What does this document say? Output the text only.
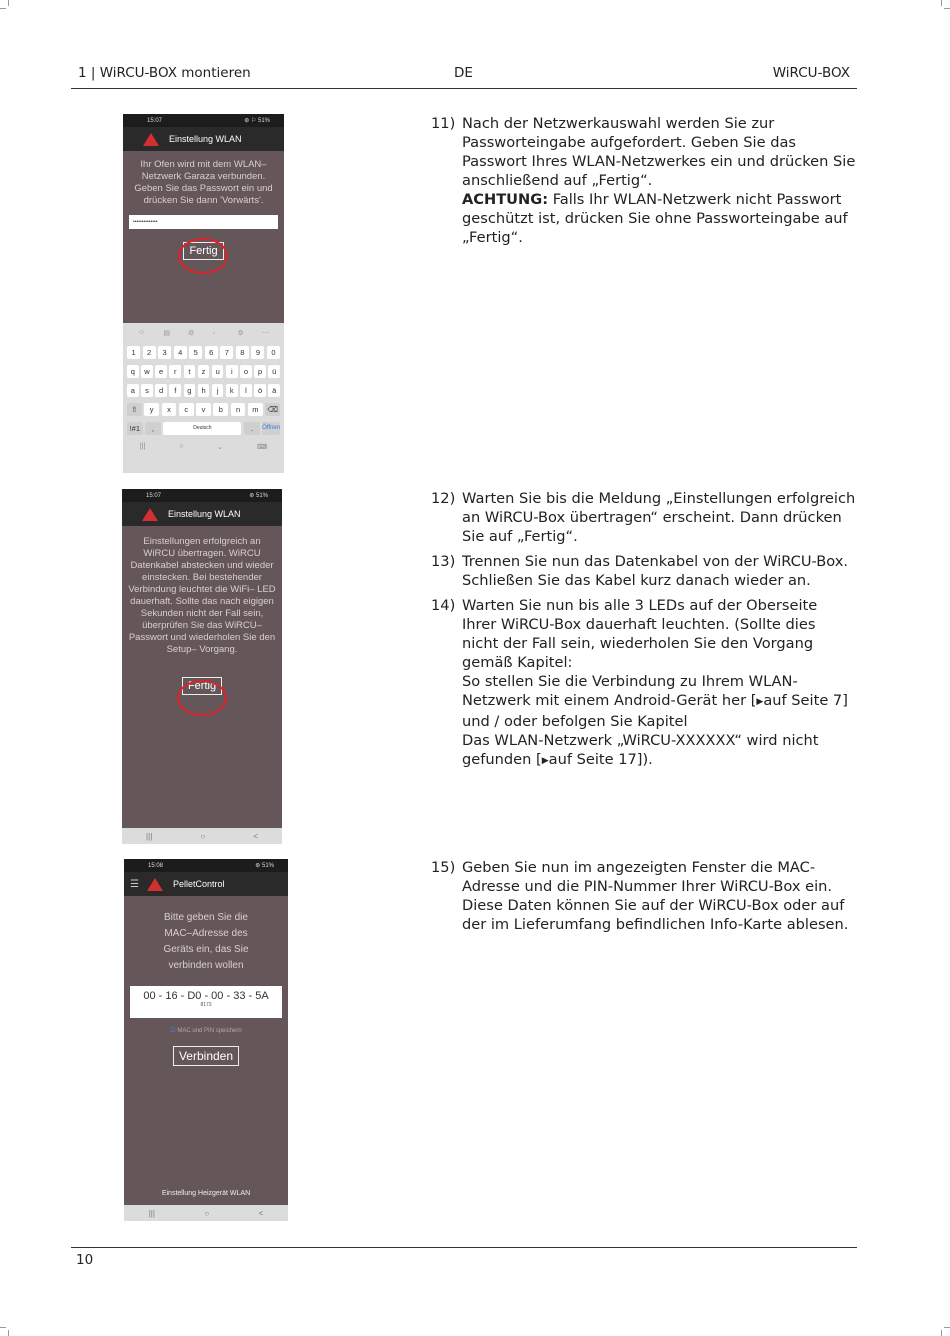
1 | WiRCU-BOX montieren	DE	WiRCU-BOX
15:07	⊛ ⚐ 51%
Einstellung WLAN
Ihr Ofen wird mit dem WLAN–Netzwerk Garaza verbunden. Geben Sie das Passwort ein und drücken Sie dann 'Vorwärts'.
••••••••••••••
Fertig
☺	▤	⚙	♩	⚙	⋯
1	2	3	4	5	6	7	8	9	0
q	w	e	r	t	z	u	i	o	p	ü
a	s	d	f	g	h	j	k	l	ö	ä
⇧	y	x	c	v	b	n	m	⌫
!#1	,	Deutsch	.	Öffnen
|||	○	⌄	⌨
15:07	⊛ 51%
Einstellung WLAN
Einstellungen erfolgreich an WiRCU übertragen. WiRCU Datenkabel abstecken und wieder einstecken. Bei bestehender Verbindung leuchtet die WiFi– LED dauerhaft. Sollte das nach eigigen Sekunden nicht der Fall sein, überprüfen Sie das WiRCU–Passwort und wiederholen Sie den Setup– Vorgang.
Fertig
|||	○	<
15:08	⊛ 51%
☰	PelletControl
Bitte geben Sie die MAC–Adresse des Geräts ein, das Sie verbinden wollen
00 - 16 - D0 - 00 - 33 - 5A
8173
☑ MAC und PIN speichern
Verbinden
Einstellung Heizgerät WLAN
|||	○	<
11) Nach der Netzwerkauswahl werden Sie zur Passworteingabe aufgefordert. Geben Sie das Passwort Ihres WLAN-Netzwerkes ein und drücken Sie anschließend auf „Fertig“.
ACHTUNG: Falls Ihr WLAN-Netzwerk nicht Passwort geschützt ist, drücken Sie ohne Passworteingabe auf „Fertig“.
12) Warten Sie bis die Meldung „Einstellungen erfolgreich an WiRCU-Box übertragen“ erscheint. Dann drücken Sie auf „Fertig“.
13) Trennen Sie nun das Datenkabel von der WiRCU-Box. Schließen Sie das Kabel kurz danach wieder an.
14) Warten Sie nun bis alle 3 LEDs auf der Oberseite Ihrer WiRCU-Box dauerhaft leuchten. (Sollte dies nicht der Fall sein, wiederholen Sie den Vorgang gemäß Kapitel:
So stellen Sie die Verbindung zu Ihrem WLAN-Netzwerk mit einem Android-Gerät her [▶auf Seite 7] und / oder befolgen Sie Kapitel
Das WLAN-Netzwerk „WiRCU-XXXXXX“ wird nicht gefunden [▶auf Seite 17]).
15) Geben Sie nun im angezeigten Fenster die MAC-Adresse und die PIN-Nummer Ihrer WiRCU-Box ein. Diese Daten können Sie auf der WiRCU-Box oder auf der im Lieferumfang befindlichen Info-Karte ablesen.
10
